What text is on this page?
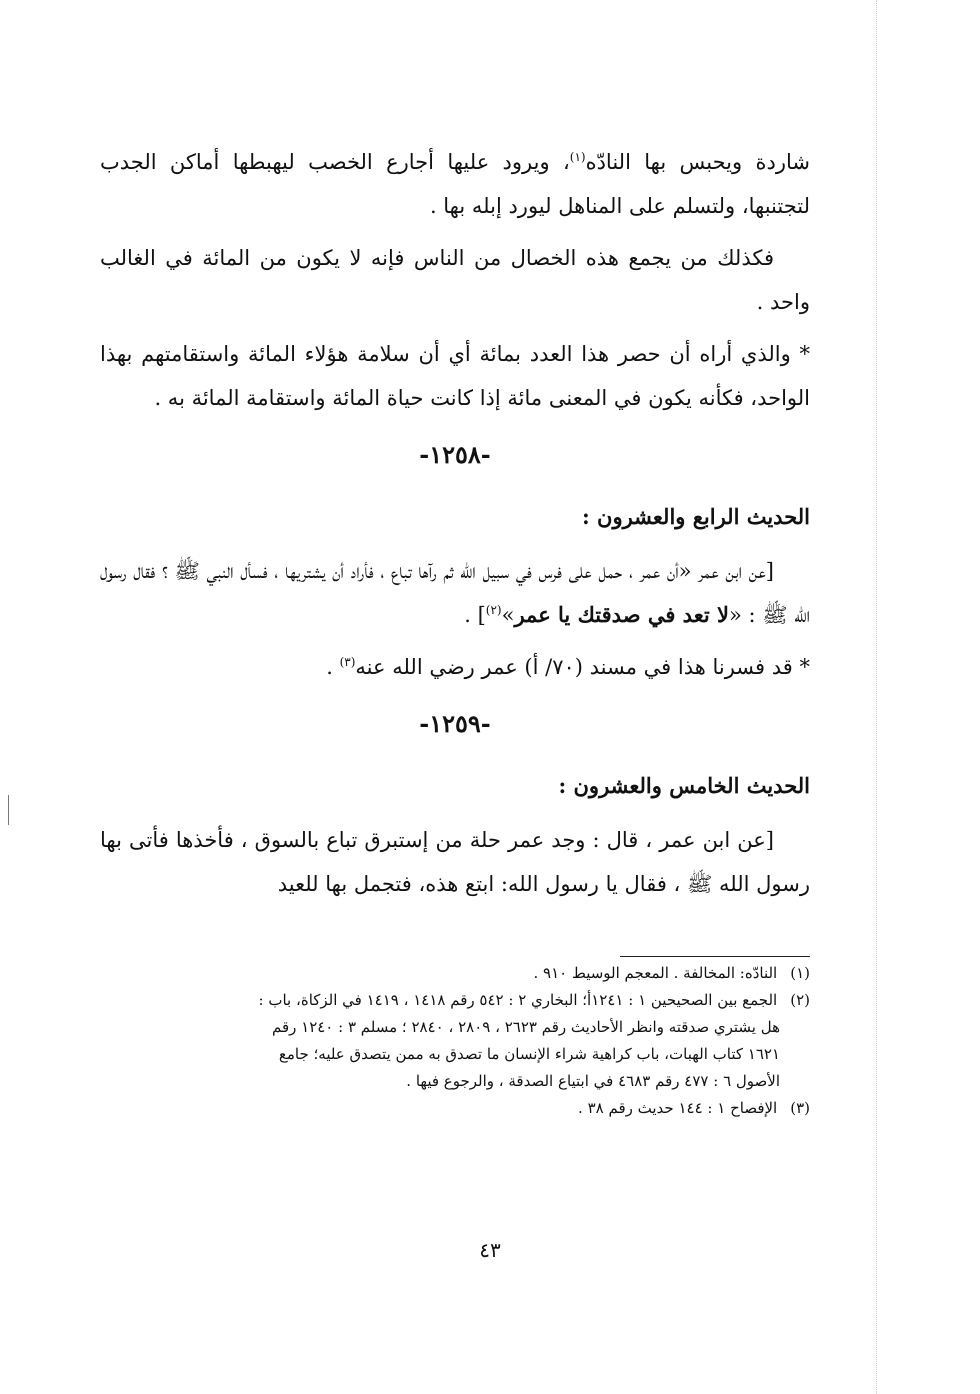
شاردة ويحبس بها النادّه$^{(١)}$، ويرود عليها أجارع الخصب ليهبطها أماكن الجدب لتجتنبها، ولتسلم على المناهل ليورد إبله بها .

فكذلك من يجمع هذه الخصال من الناس فإنه لا يكون من المائة في الغالب واحد .

* والذي أراه أن حصر هذا العدد بمائة أي أن سلامة هؤلاء المائة واستقامتهم بهذا الواحد، فكأنه يكون في المعنى مائة إذا كانت حياة المائة واستقامة المائة به .

-١٢٥٨-

الحديث الرابع والعشرون :

[عن ابن عمر «أن عمر ، حمل على فرس في سبيل الله ثم رآها تباع ، فأراد أن يشتريها ، فسأل النبي ﷺ ؟ فقال رسول الله ﷺ : «لا تعد في صدقتك يا عمر»$^{(٢)}$] .

* قد فسرنا هذا في مسند (٧٠/ أ) عمر رضي الله عنه$^{(٣)}$ .

-١٢٥٩-

الحديث الخامس والعشرون :

[عن ابن عمر ، قال : وجد عمر حلة من إستبرق تباع بالسوق ، فأخذها فأتى بها رسول الله ﷺ ، فقال يا رسول الله: ابتع هذه، فتجمل بها للعيد

(١) النادّه: المخالفة . المعجم الوسيط ٩١٠ .

(٢) الجمع بين الصحيحين ١ : ١٢٤١أ؛ البخاري ٢ : ٥٤٢ رقم ١٤١٨ ، ١٤١٩ في الزكاة، باب :

هل يشتري صدقته وانظر الأحاديث رقم ٢٦٢٣ ، ٢٨٠٩ ، ٢٨٤٠ ؛ مسلم ٣ : ١٢٤٠ رقم

١٦٢١ كتاب الهبات، باب كراهية شراء الإنسان ما تصدق به ممن يتصدق عليه؛ جامع

الأصول ٦ : ٤٧٧ رقم ٤٦٨٣ في ابتياع الصدقة ، والرجوع فيها .

(٣) الإفصاح ١ : ١٤٤ حديث رقم ٣٨ .

٤٣
